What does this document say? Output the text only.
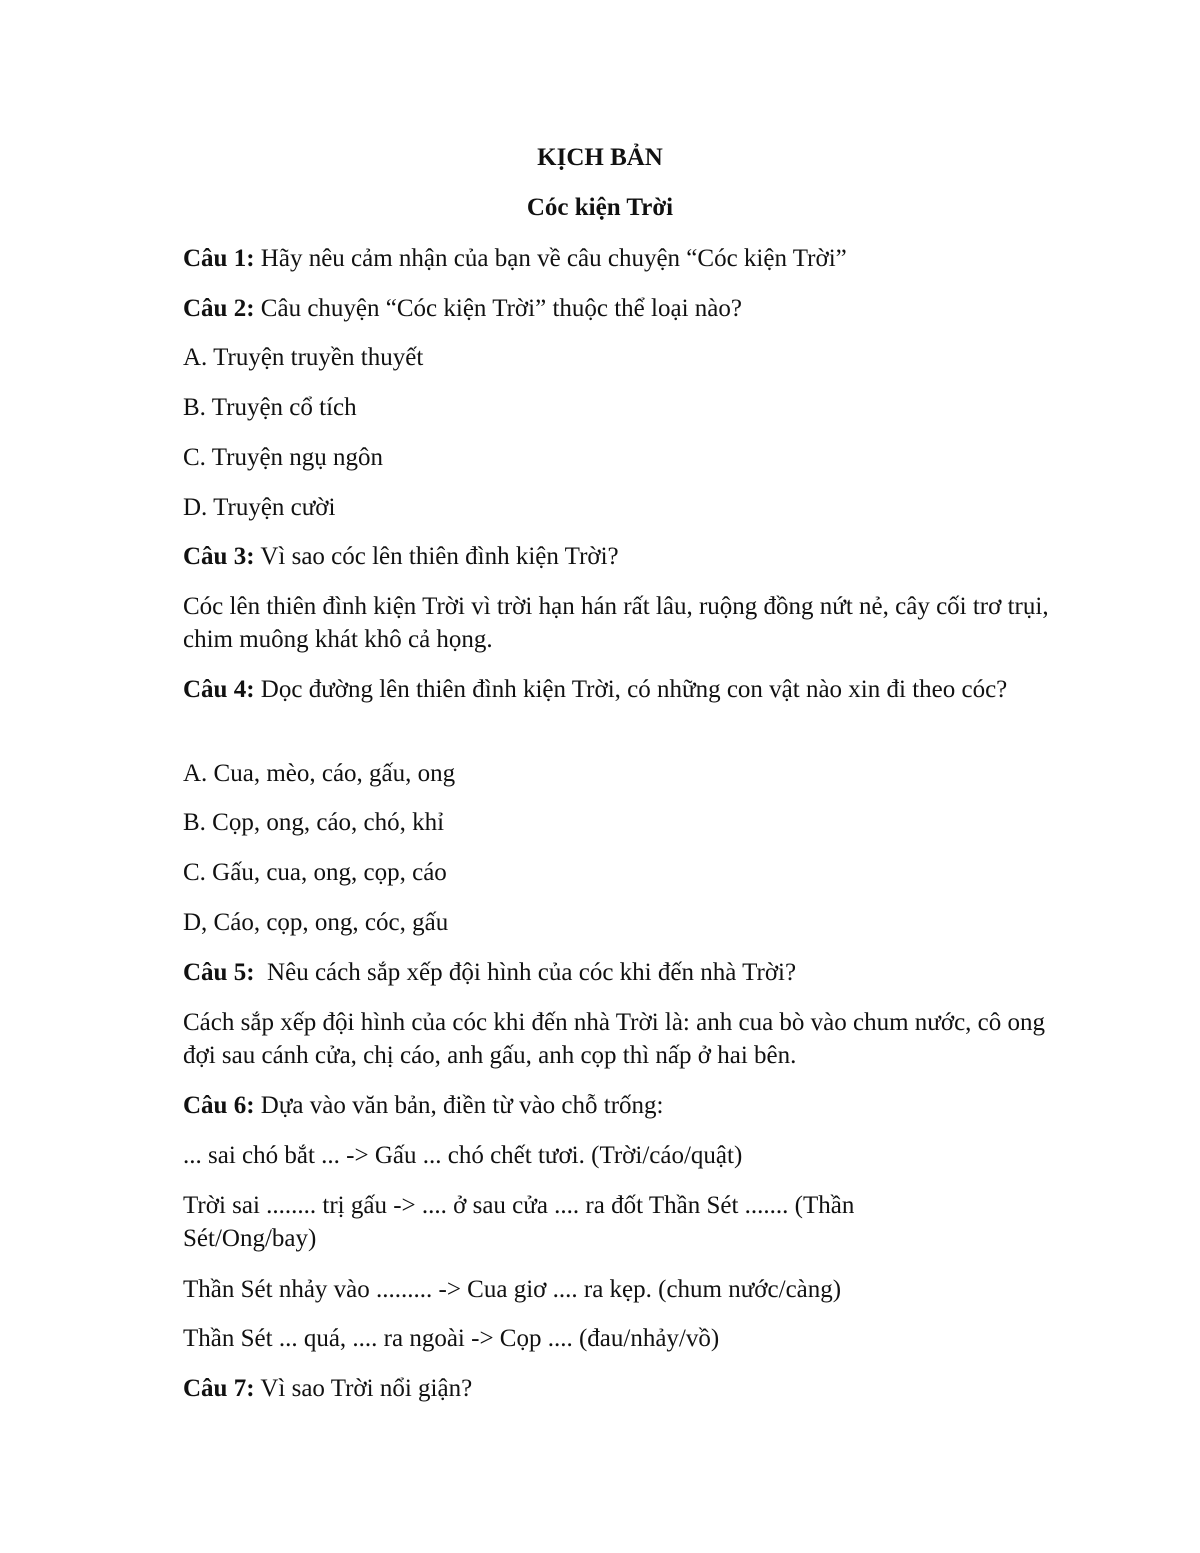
KỊCH BẢN

Cóc kiện Trời

Câu 1: Hãy nêu cảm nhận của bạn về câu chuyện “Cóc kiện Trời”

Câu 2: Câu chuyện “Cóc kiện Trời” thuộc thể loại nào?

A. Truyện truyền thuyết

B. Truyện cổ tích

C. Truyện ngụ ngôn

D. Truyện cười

Câu 3: Vì sao cóc lên thiên đình kiện Trời?

Cóc lên thiên đình kiện Trời vì trời hạn hán rất lâu, ruộng đồng nứt nẻ, cây cối trơ trụi, chim muông khát khô cả họng.

Câu 4: Dọc đường lên thiên đình kiện Trời, có những con vật nào xin đi theo cóc?

A. Cua, mèo, cáo, gấu, ong

B. Cọp, ong, cáo, chó, khỉ

C. Gấu, cua, ong, cọp, cáo

D, Cáo, cọp, ong, cóc, gấu

Câu 5:  Nêu cách sắp xếp đội hình của cóc khi đến nhà Trời?

Cách sắp xếp đội hình của cóc khi đến nhà Trời là: anh cua bò vào chum nước, cô ong đợi sau cánh cửa, chị cáo, anh gấu, anh cọp thì nấp ở hai bên.

Câu 6: Dựa vào văn bản, điền từ vào chỗ trống:

... sai chó bắt ... -> Gấu ... chó chết tươi. (Trời/cáo/quật)

Trời sai ........ trị gấu -> .... ở sau cửa .... ra đốt Thần Sét ....... (Thần Sét/Ong/bay)

Thần Sét nhảy vào ......... -> Cua giơ .... ra kẹp. (chum nước/càng)

Thần Sét ... quá, .... ra ngoài -> Cọp .... (đau/nhảy/vồ)

Câu 7: Vì sao Trời nổi giận?
